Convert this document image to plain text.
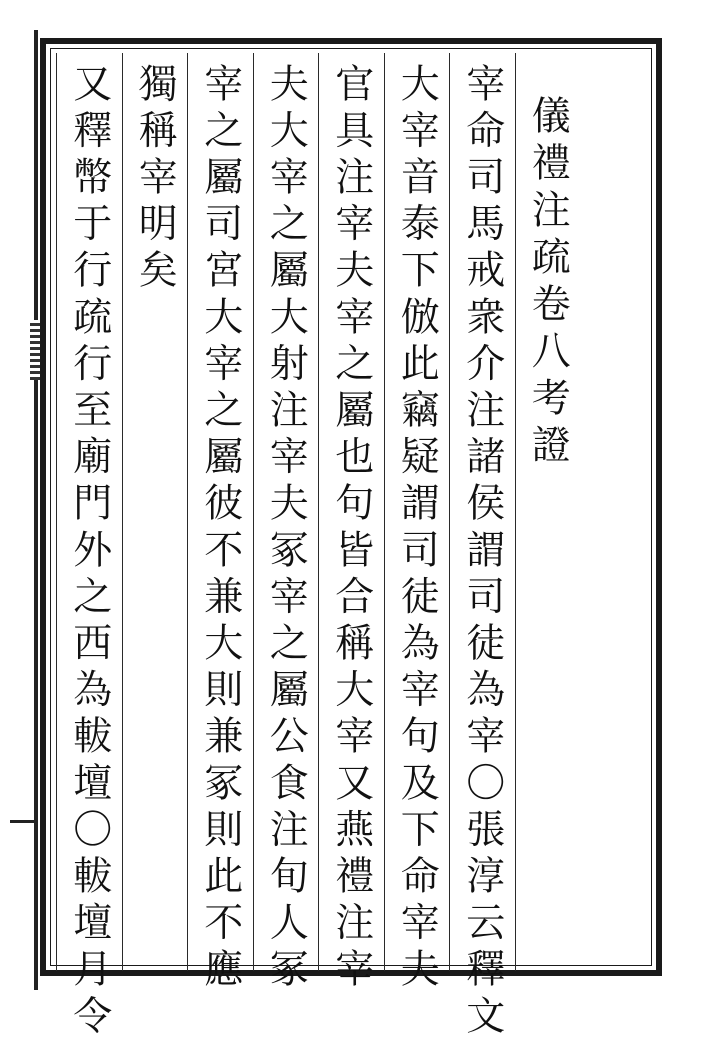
儀禮注疏卷八考證
宰命司馬戒衆介注諸侯謂司徒為宰〇張淳云釋文
大宰音泰下倣此竊疑謂司徒為宰句及下命宰夫
官具注宰夫宰之屬也句皆合稱大宰又燕禮注宰
夫大宰之屬大射注宰夫冢宰之屬公食注旬人冢
宰之屬司宮大宰之屬彼不兼大則兼冢則此不應
獨稱宰明矣
又釋幣于行疏行至廟門外之西為軷壇〇軷壇月令
